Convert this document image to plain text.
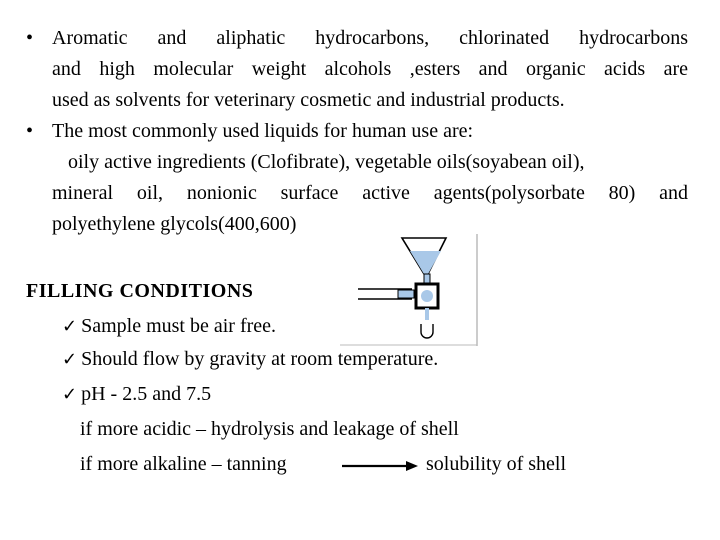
• Aromatic and aliphatic hydrocarbons, chlorinated hydrocarbons
and high molecular weight alcohols ,esters and organic acids are
used as solvents for veterinary cosmetic and industrial products.
• The most commonly used liquids for human use are:
oily active ingredients (Clofibrate), vegetable oils(soyabean oil),
mineral oil, nonionic surface active agents(polysorbate 80) and
polyethylene glycols(400,600)
FILLING CONDITIONS
✓ Sample must be air free.
✓ Should flow by gravity at room temperature.
✓ pH - 2.5 and 7.5
if more acidic – hydrolysis and leakage of shell
if more alkaline – tanning	solubility of shell
